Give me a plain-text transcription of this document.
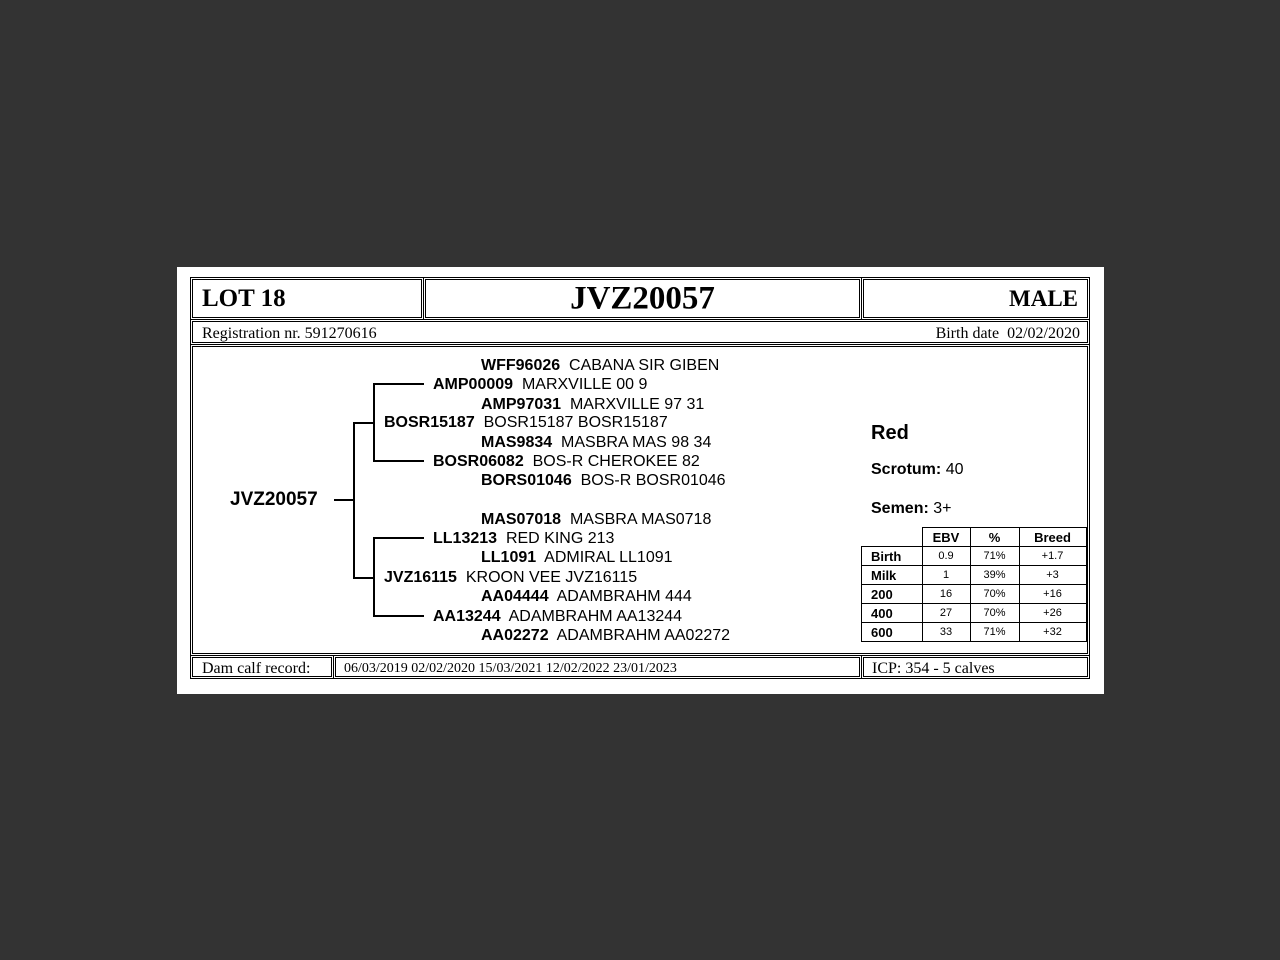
LOT 18	JVZ20057	MALE
Registration nr. 591270616	Birth date 02/02/2020
JVZ20057
WFF96026 CABANA SIR GIBEN
AMP00009 MARXVILLE 00 9
AMP97031 MARXVILLE 97 31
BOSR15187 BOSR15187 BOSR15187
MAS9834 MASBRA MAS 98 34
BOSR06082 BOS-R CHEROKEE 82
BORS01046 BOS-R BOSR01046
MAS07018 MASBRA MAS0718
LL13213 RED KING 213
LL1091 ADMIRAL LL1091
JVZ16115 KROON VEE JVZ16115
AA04444 ADAMBRAHM 444
AA13244 ADAMBRAHM AA13244
AA02272 ADAMBRAHM AA02272
Red
Scrotum: 40
Semen: 3+
	EBV	%	Breed
Birth	0.9	71%	+1.7
Milk	1	39%	+3
200	16	70%	+16
400	27	70%	+26
600	33	71%	+32
Dam calf record: 06/03/2019 02/02/2020 15/03/2021 12/02/2022 23/01/2023	ICP: 354 - 5 calves
